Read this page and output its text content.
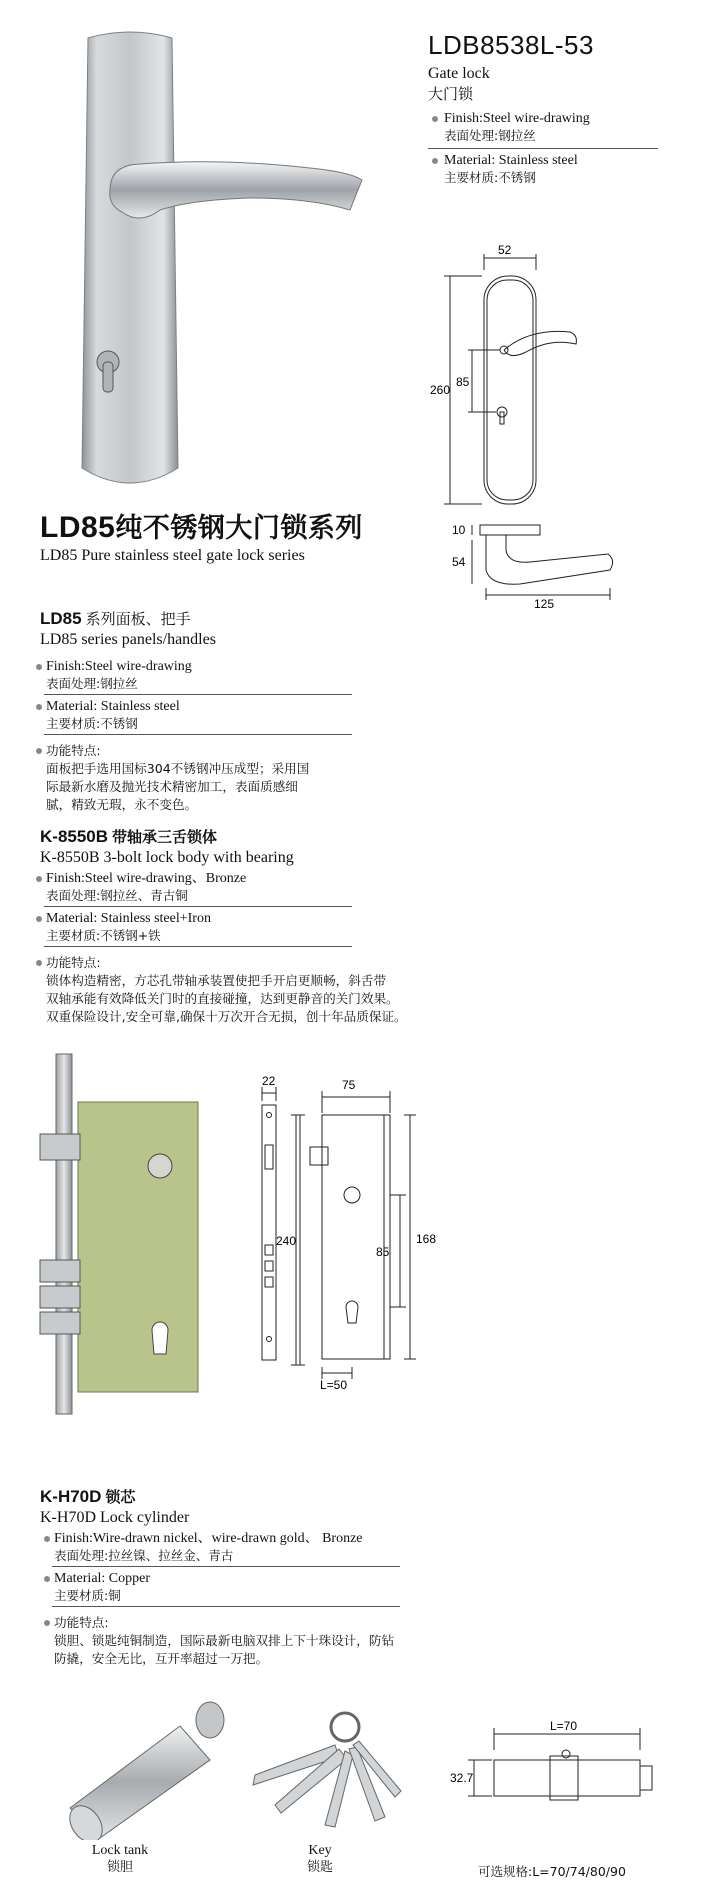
LDB8538L-53
Gate lock
大门锁
Finish:Steel wire-drawing
表面处理:钢拉丝
Material: Stainless steel
主要材质:不锈钢
52
260
85
10
54
125
LD85纯不锈钢大门锁系列
LD85 Pure stainless steel gate lock series
LD85 系列面板、把手
LD85 series panels/handles
Finish:Steel wire-drawing
表面处理:钢拉丝
Material: Stainless steel
主要材质:不锈钢
功能特点:
面板把手选用国标304不锈钢冲压成型；采用国
际最新水磨及抛光技术精密加工，表面质感细
腻，精致无瑕，永不变色。
K-8550B 带轴承三舌锁体
K-8550B 3-bolt lock body with bearing
Finish:Steel wire-drawing、Bronze
表面处理:钢拉丝、青古铜
Material: Stainless steel+Iron
主要材质:不锈钢+铁
功能特点:
锁体构造精密，方芯孔带轴承装置使把手开启更顺畅，斜舌带
双轴承能有效降低关门时的直接碰撞，达到更静音的关门效果。
双重保险设计,安全可靠,确保十万次开合无损，创十年品质保证。
22	75
240
85
168
L=50
K-H70D 锁芯
K-H70D Lock cylinder
Finish:Wire-drawn nickel、wire-drawn gold、 Bronze
表面处理:拉丝镍、拉丝金、青古
Material: Copper
主要材质:铜
功能特点:
锁胆、锁匙纯铜制造，国际最新电脑双排上下十珠设计，防钻
防撬，安全无比，互开率超过一万把。
Lock tank
锁胆
Key
锁匙
L=70
32.7
可选规格:L=70/74/80/90
